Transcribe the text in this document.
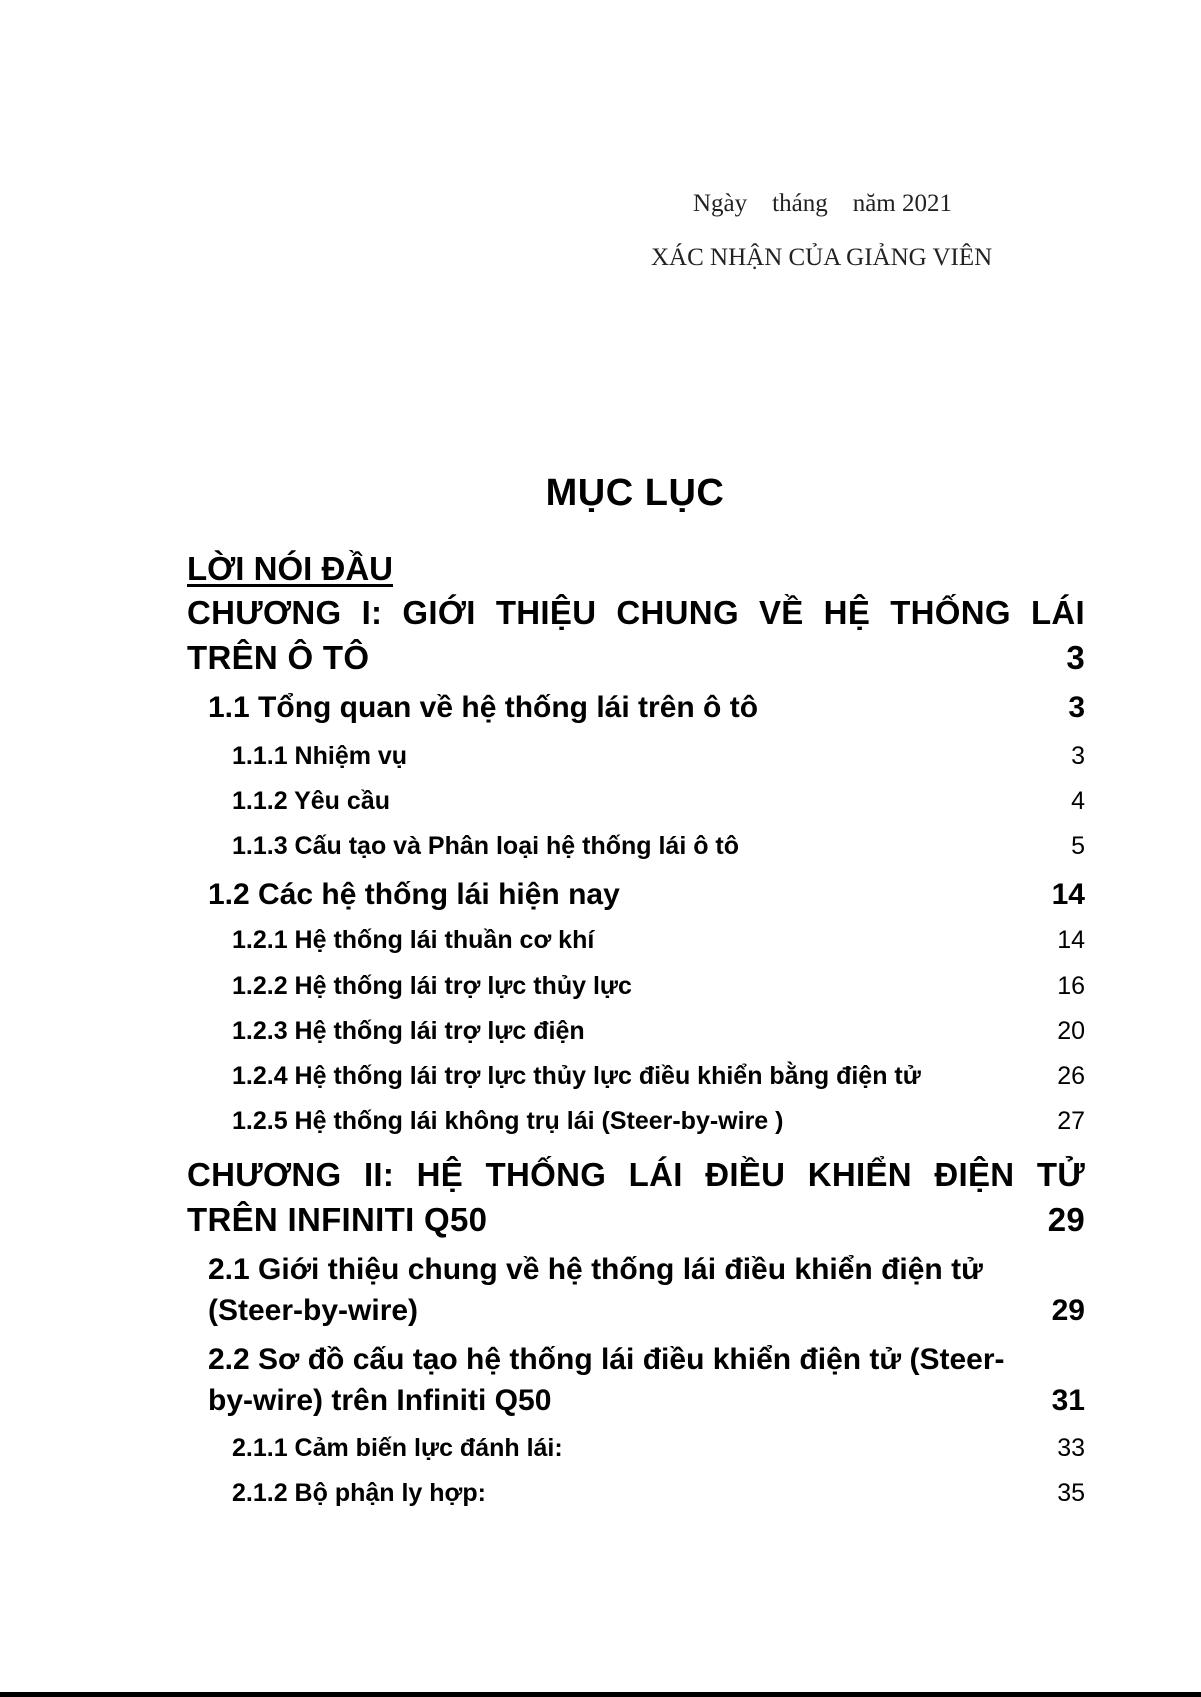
Ngày    tháng    năm 2021
XÁC NHẬN CỦA GIẢNG VIÊN
MỤC LỤC
LỜI NÓI ĐẦU
CHƯƠNG I: GIỚI THIỆU CHUNG VỀ HỆ THỐNG LÁI
TRÊN Ô TÔ	3
1.1 Tổng quan về hệ thống lái trên ô tô	3
1.1.1 Nhiệm vụ	3
1.1.2 Yêu cầu	4
1.1.3 Cấu tạo và Phân loại hệ thống lái ô tô	5
1.2 Các hệ thống lái hiện nay	14
1.2.1 Hệ thống lái thuần cơ khí	14
1.2.2 Hệ thống lái trợ lực thủy lực	16
1.2.3 Hệ thống lái trợ lực điện	20
1.2.4 Hệ thống lái trợ lực thủy lực điều khiển bằng điện tử	26
1.2.5 Hệ thống lái không trụ lái (Steer-by-wire )	27
CHƯƠNG II: HỆ THỐNG LÁI ĐIỀU KHIỂN ĐIỆN TỬ
TRÊN INFINITI Q50	29
2.1 Giới thiệu chung về hệ thống lái điều khiển điện tử
(Steer-by-wire)	29
2.2 Sơ đồ cấu tạo hệ thống lái điều khiển điện tử (Steer-
by-wire) trên Infiniti Q50	31
2.1.1 Cảm biến lực đánh lái:	33
2.1.2 Bộ phận ly hợp:	35
